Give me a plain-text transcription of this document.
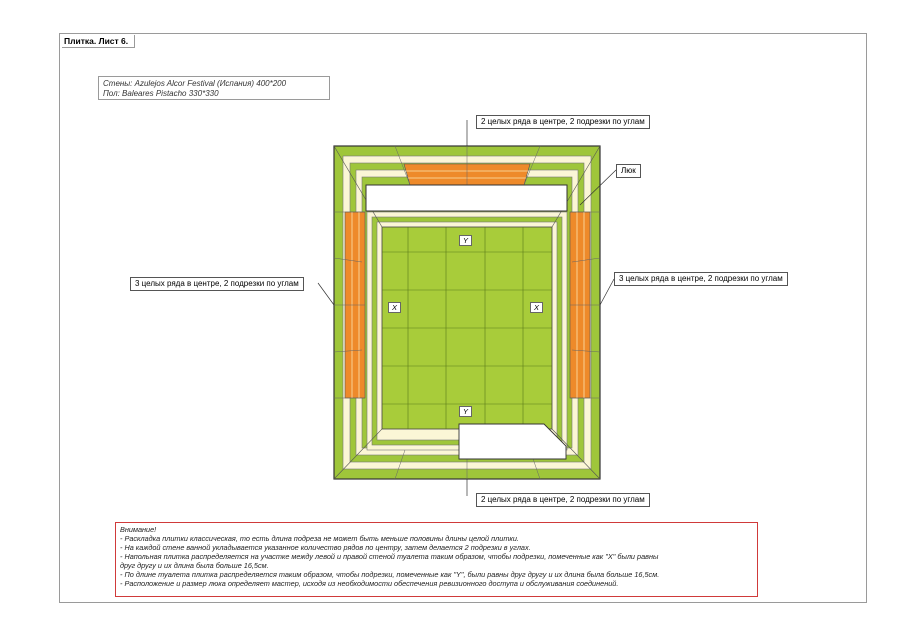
Плитка. Лист 6.
Стены: Azulejos Alcor Festival (Испания) 400*200
Пол: Baleares Pistacho 330*330
Y
Y
X	X
2 целых ряда в центре, 2 подрезки по углам
2 целых ряда в центре, 2 подрезки по углам
3 целых ряда в центре, 2 подрезки по углам
3 целых ряда в центре, 2 подрезки по углам
Люк
Внимание!
- Раскладка плитки классическая, то есть длина подреза не может быть меньше половины длины целой плитки.
- На каждой стене ванной укладывается указанное количество рядов по центру, затем делается 2 подрезки в углах.
- Напольная плитка распределяется на участке между левой и правой стеной туалета таким образом, чтобы подрезки, помеченные как "X" были равны
друг другу и их длина была больше 16,5см.
- По длине туалета плитка распределяется таким образом, чтобы подрезки, помеченные как "Y", были равны друг другу и их длина была больше 16,5см.
- Расположение и размер люка определяет мастер, исходя из необходимости обеспечения ревизионного доступа и обслуживания соединений.
